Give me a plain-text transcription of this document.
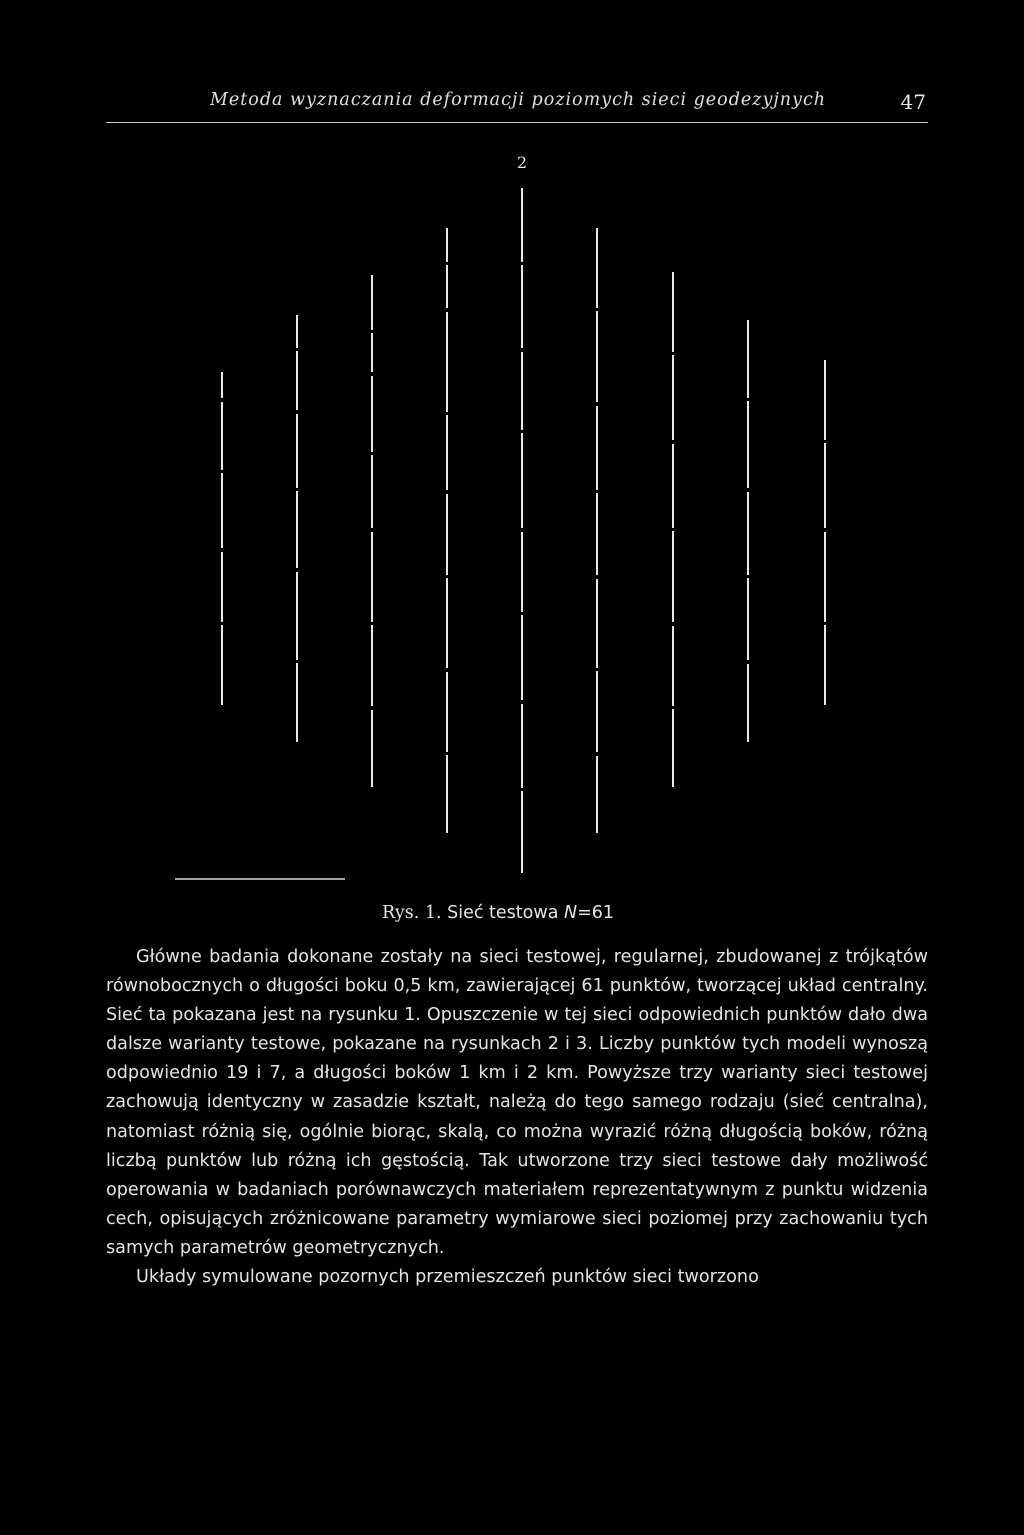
Metoda wyznaczania deformacji poziomych sieci geodezyjnych	47
2
Rys. 1. Sieć testowa N=61

Główne badania dokonane zostały na sieci testowej, regularnej, zbudowanej z trójkątów równobocznych o długości boku 0,5 km, zawierającej 61 punktów, tworzącej układ centralny. Sieć ta pokazana jest na rysunku 1. Opuszczenie w tej sieci odpowiednich punktów dało dwa dalsze warianty testowe, pokazane na rysunkach 2 i 3. Liczby punktów tych modeli wynoszą odpowiednio 19 i 7, a długości boków 1 km i 2 km. Powyższe trzy warianty sieci testowej zachowują identyczny w zasadzie kształt, należą do tego samego rodzaju (sieć centralna), natomiast różnią się, ogólnie biorąc, skalą, co można wyrazić różną długością boków, różną liczbą punktów lub różną ich gęstością. Tak utworzone trzy sieci testowe dały możliwość operowania w badaniach porównawczych materiałem reprezentatywnym z punktu widzenia cech, opisujących zróżnicowane parametry wymiarowe sieci poziomej przy zachowaniu tych samych parametrów geometrycznych.

Układy symulowane pozornych przemieszczeń punktów sieci tworzono
